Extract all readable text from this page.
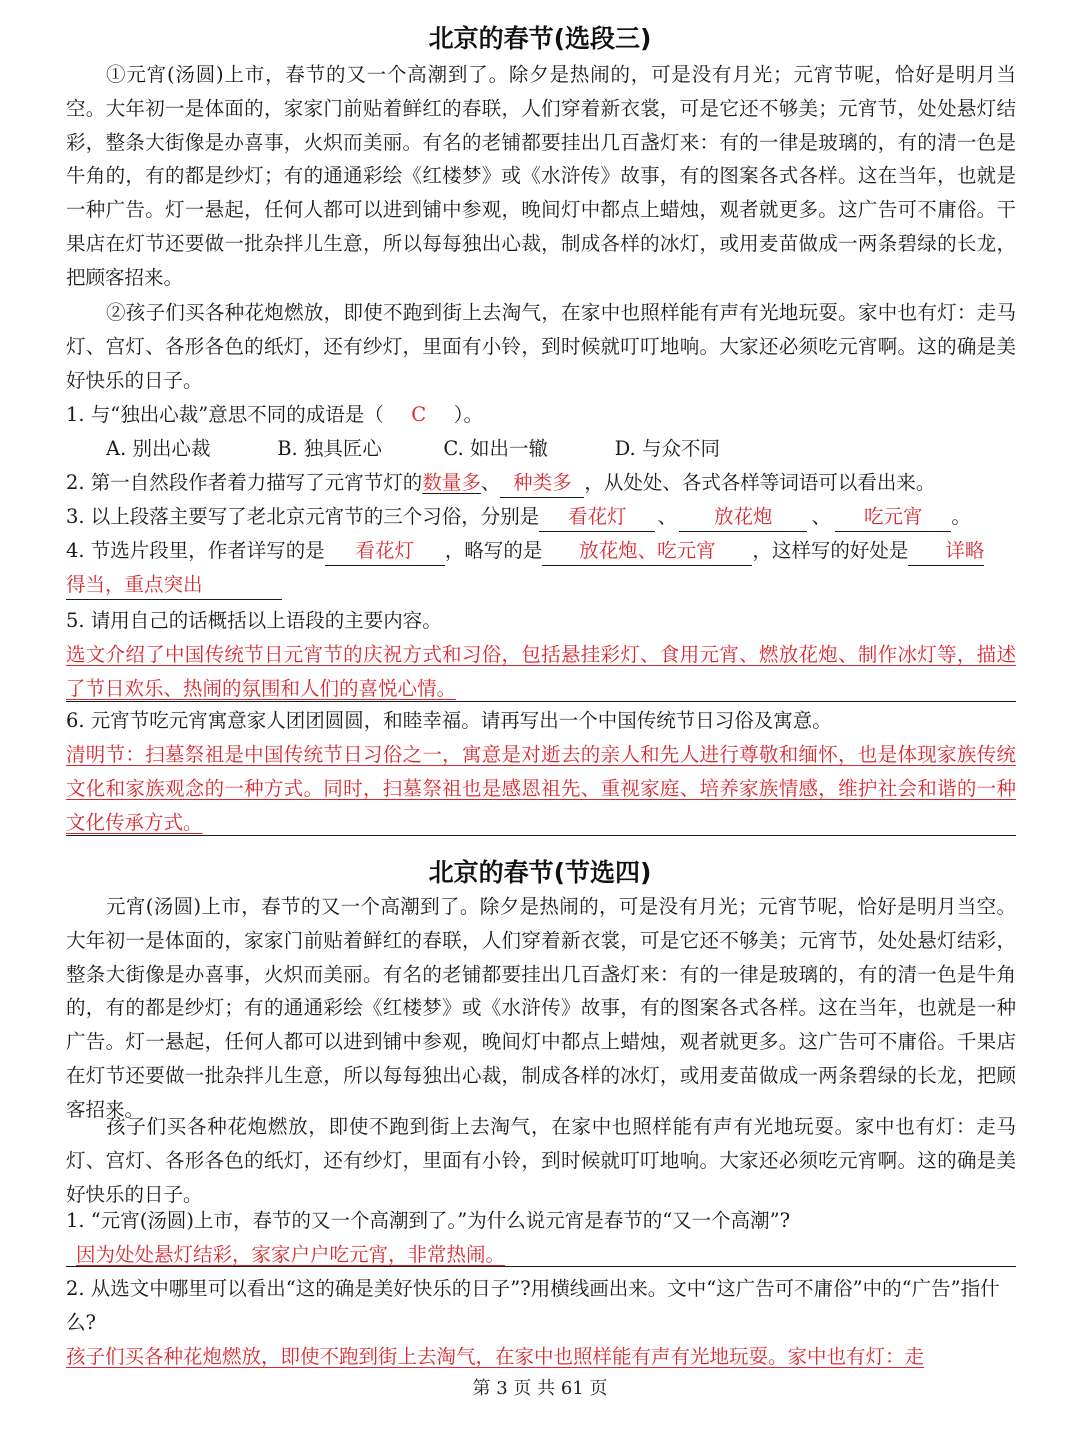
北京的春节(选段三)

①元宵(汤圆)上市，春节的又一个高潮到了。除夕是热闹的，可是没有月光；元宵节呢，恰好是明月当空。大年初一是体面的，家家门前贴着鲜红的春联，人们穿着新衣裳，可是它还不够美；元宵节，处处悬灯结彩，整条大街像是办喜事，火炽而美丽。有名的老铺都要挂出几百盏灯来：有的一律是玻璃的，有的清一色是牛角的，有的都是纱灯；有的通通彩绘《红楼梦》或《水浒传》故事，有的图案各式各样。这在当年，也就是一种广告。灯一悬起，任何人都可以进到铺中参观，晚间灯中都点上蜡烛，观者就更多。这广告可不庸俗。干果店在灯节还要做一批杂拌儿生意，所以每每独出心裁，制成各样的冰灯，或用麦苗做成一两条碧绿的长龙，把顾客招来。

②孩子们买各种花炮燃放，即使不跑到街上去淘气，在家中也照样能有声有光地玩耍。家中也有灯：走马灯、宫灯、各形各色的纸灯，还有纱灯，里面有小铃，到时候就叮叮地响。大家还必须吃元宵啊。这的确是美好快乐的日子。

1. 与“独出心裁”意思不同的成语是（ C ）。
A. 别出心裁	B. 独具匠心	C. 如出一辙	D. 与众不同
2. 第一自然段作者着力描写了元宵节灯的数量多、 种类多 ，从处处、各式各样等词语可以看出来。
3. 以上段落主要写了老北京元宵节的三个习俗，分别是 看花灯 、 放花炮 、 吃元宵 。
4. 节选片段里，作者详写的是 看花灯 ，略写的是 放花炮、吃元宵 ，这样写的好处是 详略
得当，重点突出
5. 请用自己的话概括以上语段的主要内容。
选文介绍了中国传统节日元宵节的庆祝方式和习俗，包括悬挂彩灯、食用元宵、燃放花炮、制作冰灯等，描述了节日欢乐、热闹的氛围和人们的喜悦心情。
6. 元宵节吃元宵寓意家人团团圆圆，和睦幸福。请再写出一个中国传统节日习俗及寓意。
清明节：扫墓祭祖是中国传统节日习俗之一，寓意是对逝去的亲人和先人进行尊敬和缅怀，也是体现家族传统文化和家族观念的一种方式。同时，扫墓祭祖也是感恩祖先、重视家庭、培养家族情感，维护社会和谐的一种文化传承方式。
北京的春节(节选四)

元宵(汤圆)上市，春节的又一个高潮到了。除夕是热闹的，可是没有月光；元宵节呢，恰好是明月当空。大年初一是体面的，家家门前贴着鲜红的春联，人们穿着新衣裳，可是它还不够美；元宵节，处处悬灯结彩，整条大街像是办喜事，火炽而美丽。有名的老铺都要挂出几百盏灯来：有的一律是玻璃的，有的清一色是牛角的，有的都是纱灯；有的通通彩绘《红楼梦》或《水浒传》故事，有的图案各式各样。这在当年，也就是一种广告。灯一悬起，任何人都可以进到铺中参观，晚间灯中都点上蜡烛，观者就更多。这广告可不庸俗。千果店在灯节还要做一批杂拌儿生意，所以每每独出心裁，制成各样的冰灯，或用麦苗做成一两条碧绿的长龙，把顾客招来。

孩子们买各种花炮燃放，即使不跑到街上去淘气，在家中也照样能有声有光地玩耍。家中也有灯：走马灯、宫灯、各形各色的纸灯，还有纱灯，里面有小铃，到时候就叮叮地响。大家还必须吃元宵啊。这的确是美好快乐的日子。

1. “元宵(汤圆)上市，春节的又一个高潮到了。”为什么说元宵是春节的“又一个高潮”?
因为处处悬灯结彩，家家户户吃元宵，非常热闹。
2. 从选文中哪里可以看出“这的确是美好快乐的日子”?用横线画出来。文中“这广告可不庸俗”中的“广告”指什么?
孩子们买各种花炮燃放，即使不跑到街上去淘气，在家中也照样能有声有光地玩耍。家中也有灯：走
第 3 页 共 61 页
